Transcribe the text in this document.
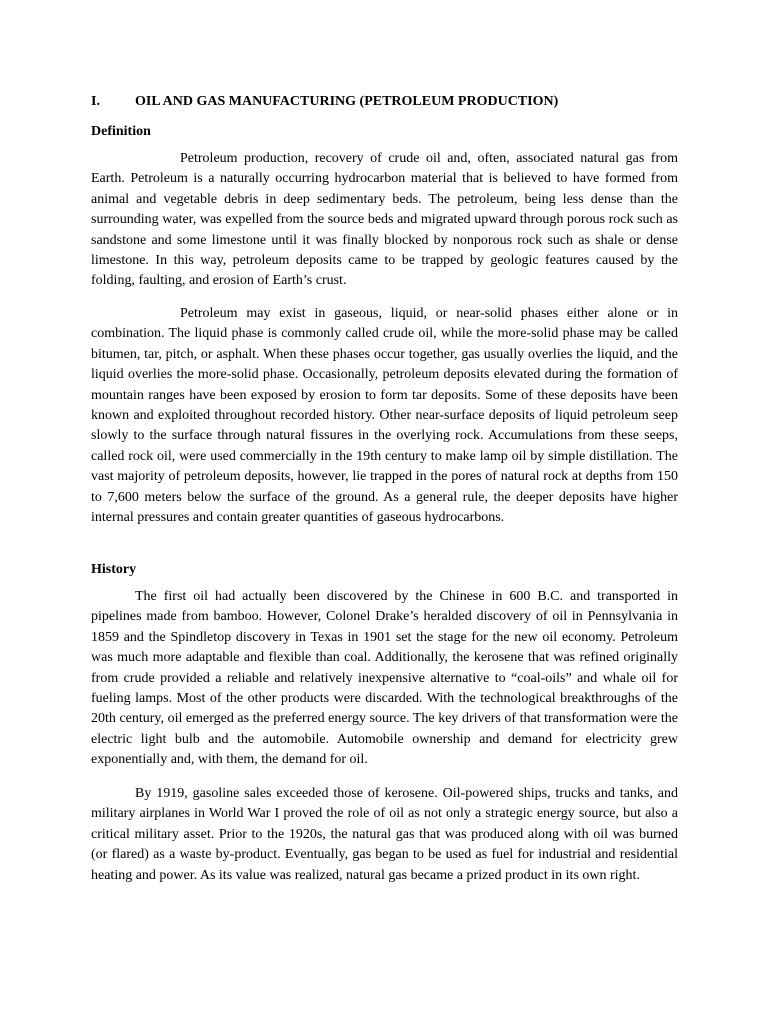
I.	OIL AND GAS MANUFACTURING (PETROLEUM PRODUCTION)
Definition

Petroleum production, recovery of crude oil and, often, associated natural gas from Earth. Petroleum is a naturally occurring hydrocarbon material that is believed to have formed from animal and vegetable debris in deep sedimentary beds. The petroleum, being less dense than the surrounding water, was expelled from the source beds and migrated upward through porous rock such as sandstone and some limestone until it was finally blocked by nonporous rock such as shale or dense limestone. In this way, petroleum deposits came to be trapped by geologic features caused by the folding, faulting, and erosion of Earth’s crust.

Petroleum may exist in gaseous, liquid, or near-solid phases either alone or in combination. The liquid phase is commonly called crude oil, while the more-solid phase may be called bitumen, tar, pitch, or asphalt. When these phases occur together, gas usually overlies the liquid, and the liquid overlies the more-solid phase. Occasionally, petroleum deposits elevated during the formation of mountain ranges have been exposed by erosion to form tar deposits. Some of these deposits have been known and exploited throughout recorded history. Other near-surface deposits of liquid petroleum seep slowly to the surface through natural fissures in the overlying rock. Accumulations from these seeps, called rock oil, were used commercially in the 19th century to make lamp oil by simple distillation. The vast majority of petroleum deposits, however, lie trapped in the pores of natural rock at depths from 150 to 7,600 meters below the surface of the ground. As a general rule, the deeper deposits have higher internal pressures and contain greater quantities of gaseous hydrocarbons.

History

The first oil had actually been discovered by the Chinese in 600 B.C. and transported in pipelines made from bamboo. However, Colonel Drake’s heralded discovery of oil in Pennsylvania in 1859 and the Spindletop discovery in Texas in 1901 set the stage for the new oil economy. Petroleum was much more adaptable and flexible than coal. Additionally, the kerosene that was refined originally from crude provided a reliable and relatively inexpensive alternative to “coal-oils” and whale oil for fueling lamps. Most of the other products were discarded. With the technological breakthroughs of the 20th century, oil emerged as the preferred energy source. The key drivers of that transformation were the electric light bulb and the automobile. Automobile ownership and demand for electricity grew exponentially and, with them, the demand for oil.

By 1919, gasoline sales exceeded those of kerosene. Oil-powered ships, trucks and tanks, and military airplanes in World War I proved the role of oil as not only a strategic energy source, but also a critical military asset. Prior to the 1920s, the natural gas that was produced along with oil was burned (or flared) as a waste by-product. Eventually, gas began to be used as fuel for industrial and residential heating and power. As its value was realized, natural gas became a prized product in its own right.
